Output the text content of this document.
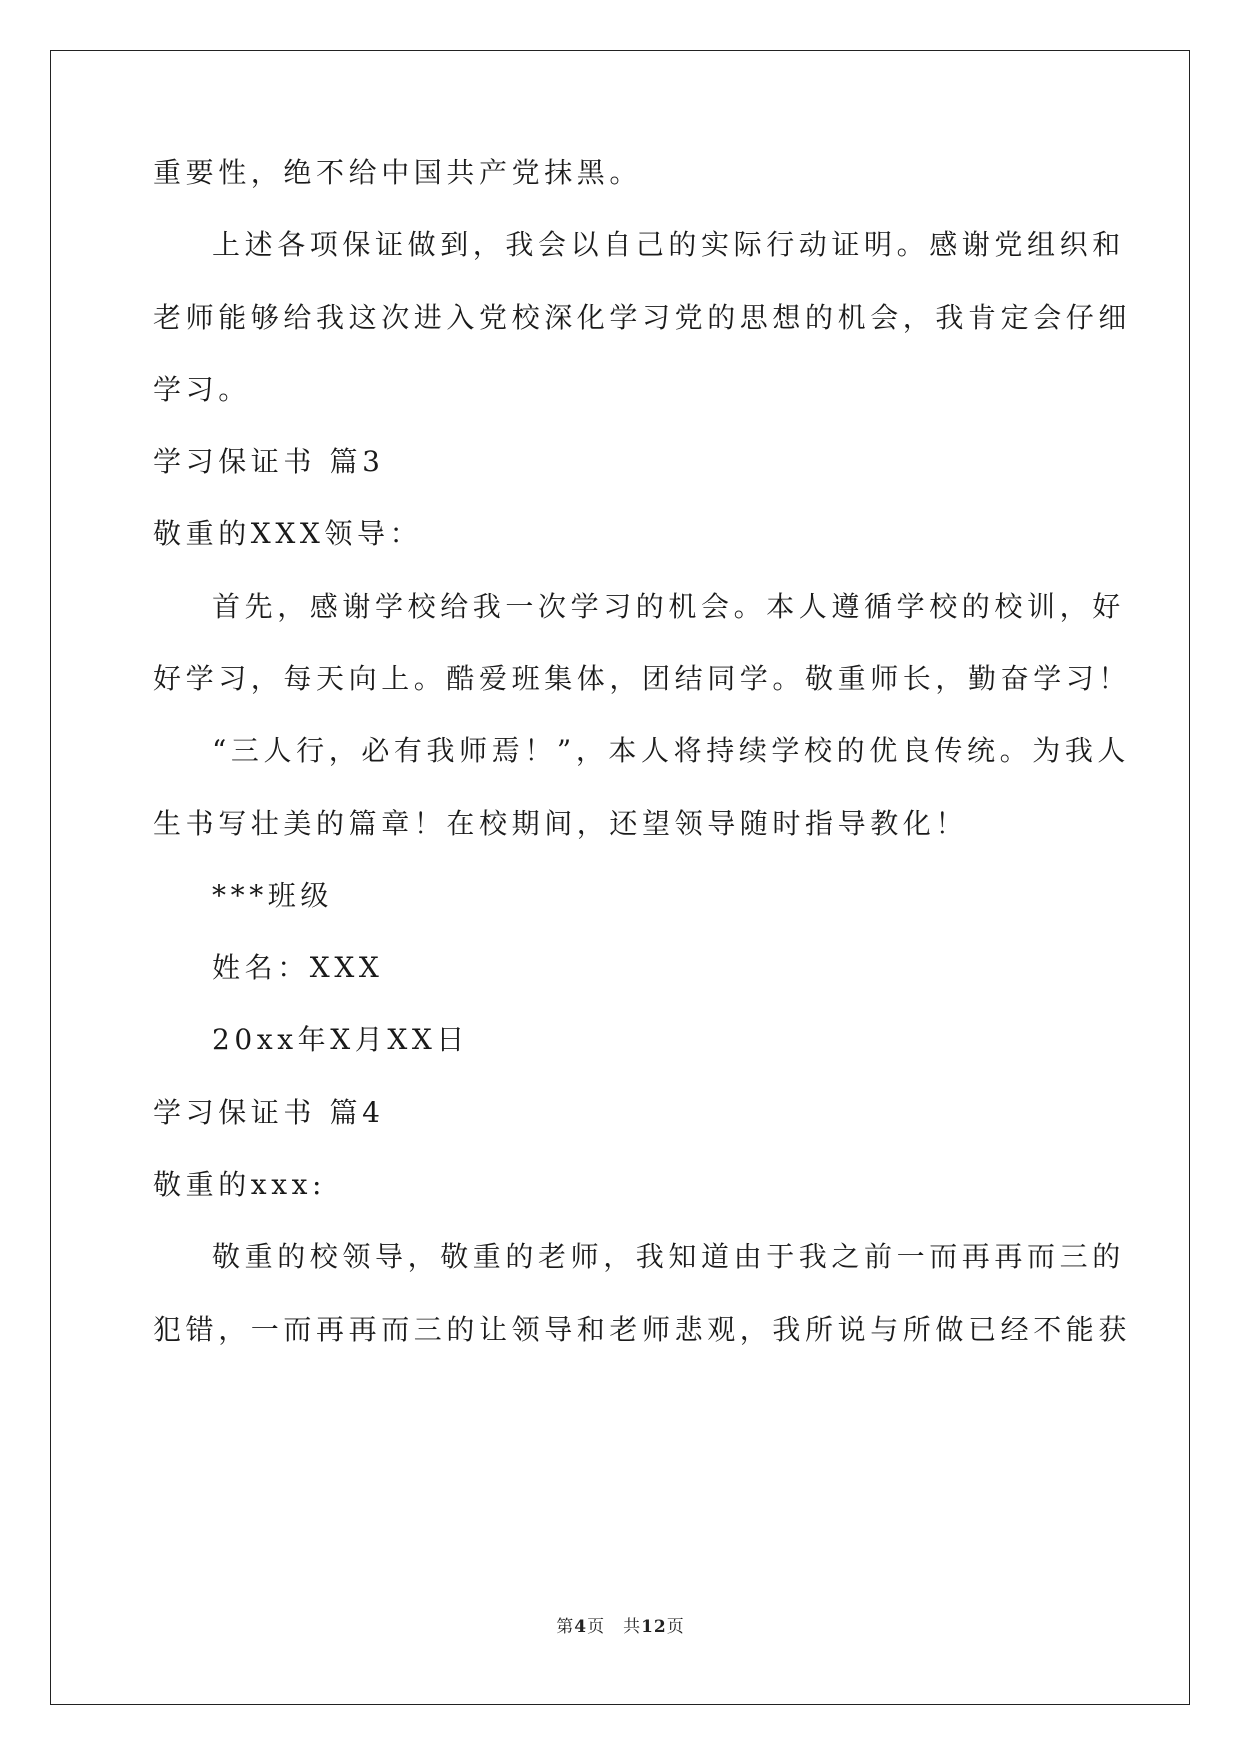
重要性，绝不给中国共产党抹黑。
上述各项保证做到，我会以自己的实际行动证明。感谢党组织和
老师能够给我这次进入党校深化学习党的思想的机会，我肯定会仔细
学习。
学习保证书 篇3
敬重的XXX领导：
首先，感谢学校给我一次学习的机会。本人遵循学校的校训，好
好学习，每天向上。酷爱班集体，团结同学。敬重师长，勤奋学习！
“三人行，必有我师焉！”，本人将持续学校的优良传统。为我人
生书写壮美的篇章！在校期间，还望领导随时指导教化！
***班级
姓名：XXX
20xx年X月XX日
学习保证书 篇4
敬重的xxx:
敬重的校领导，敬重的老师，我知道由于我之前一而再再而三的
犯错，一而再再而三的让领导和老师悲观，我所说与所做已经不能获
第4页　共12页
